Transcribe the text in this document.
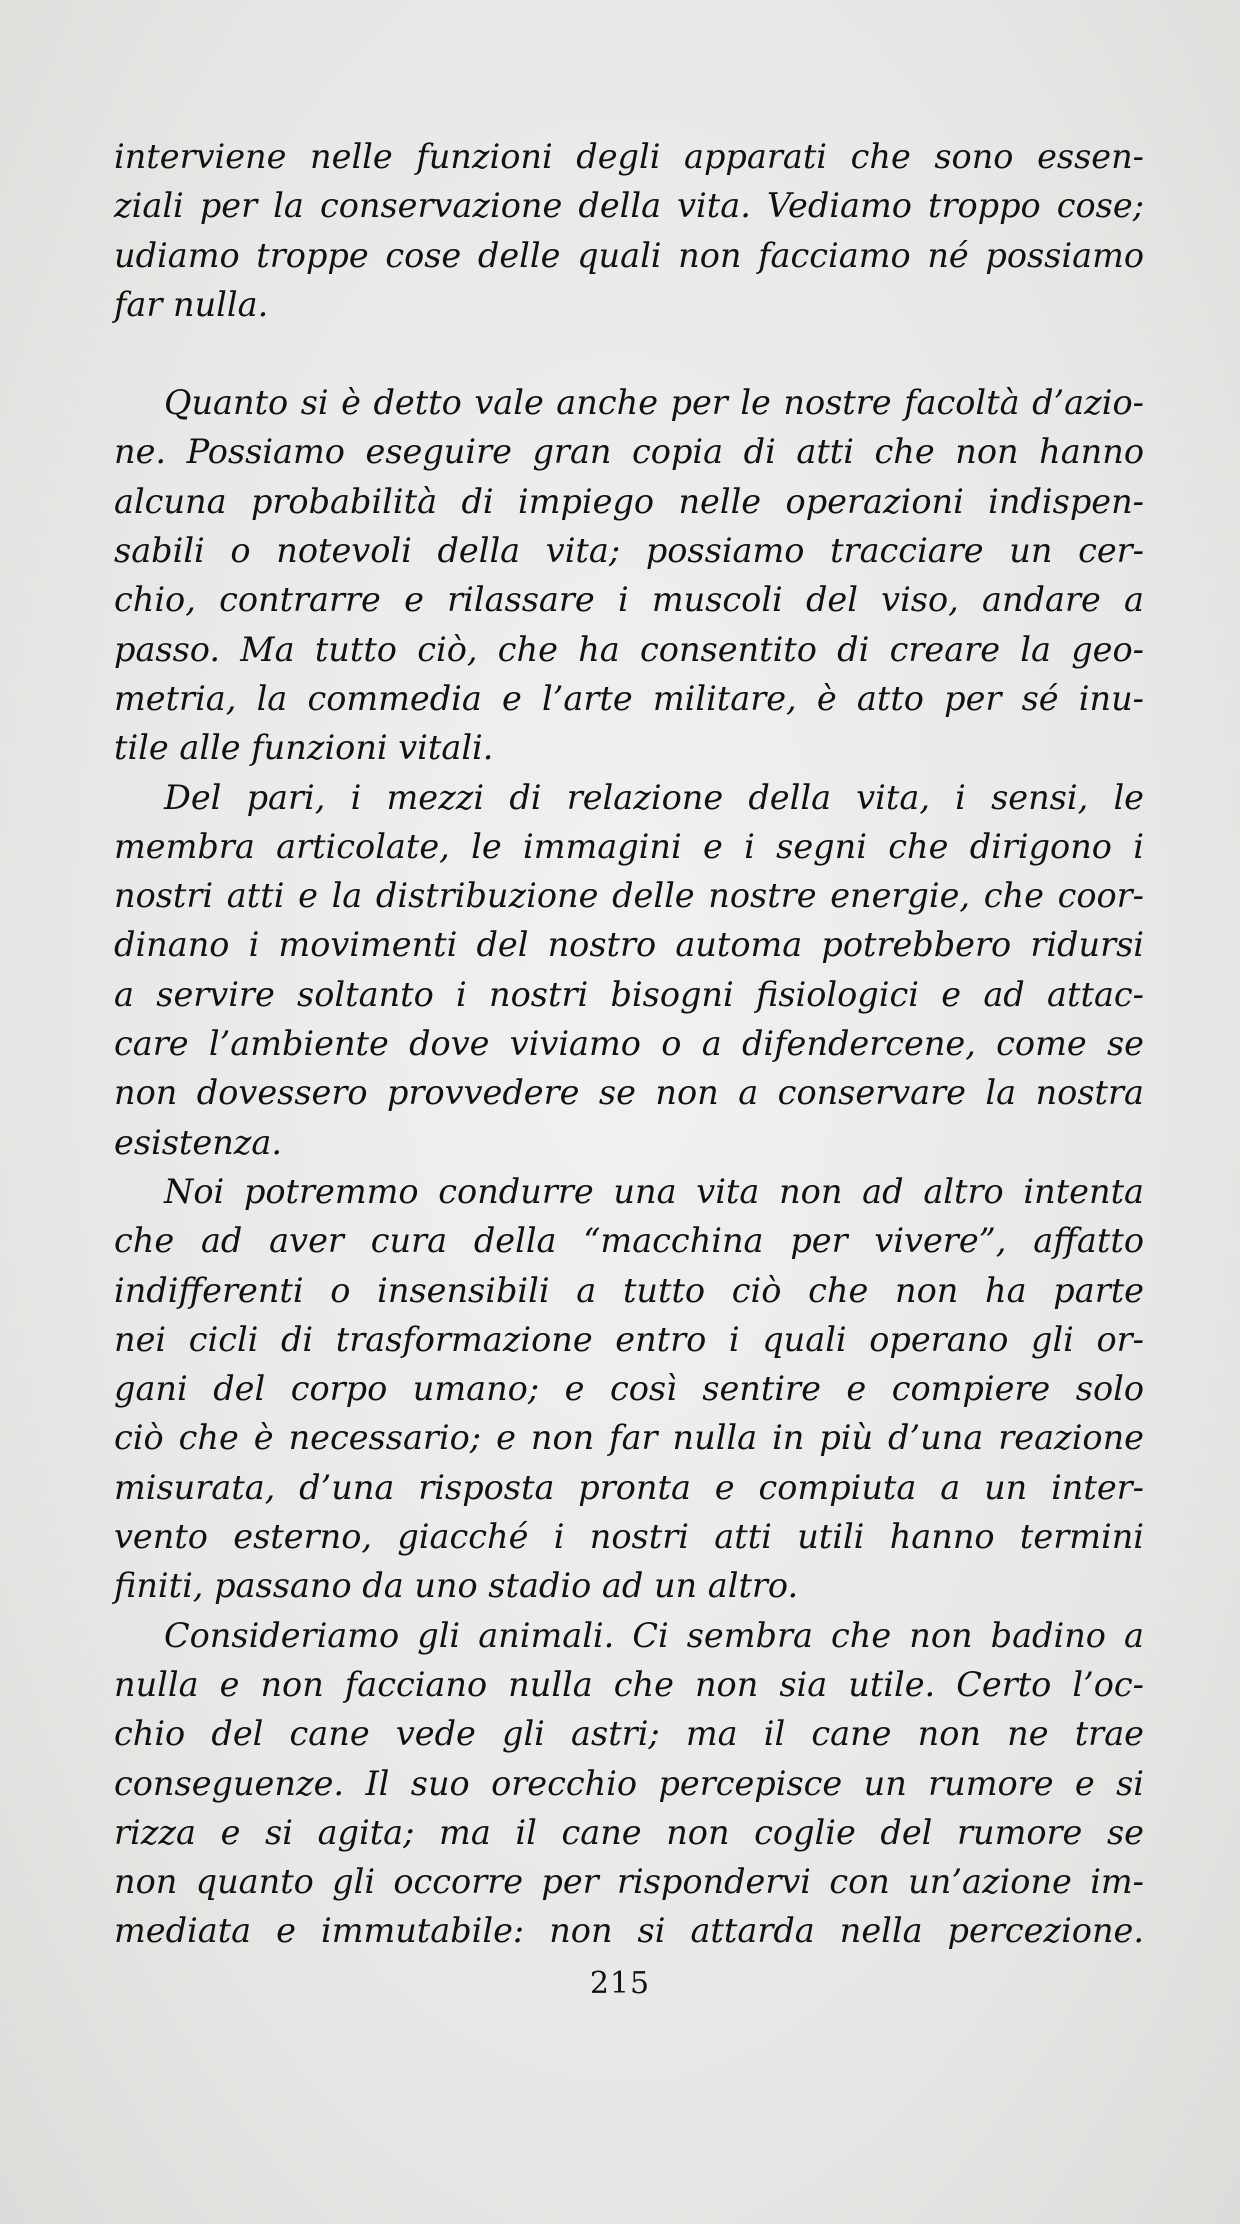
interviene nelle funzioni degli apparati che sono essen-
ziali per la conservazione della vita. Vediamo troppo cose;
udiamo troppe cose delle quali non facciamo né possiamo
far nulla.

Quanto si è detto vale anche per le nostre facoltà d’azio-
ne. Possiamo eseguire gran copia di atti che non hanno
alcuna probabilità di impiego nelle operazioni indispen-
sabili o notevoli della vita; possiamo tracciare un cer-
chio, contrarre e rilassare i muscoli del viso, andare a
passo. Ma tutto ciò, che ha consentito di creare la geo-
metria, la commedia e l’arte militare, è atto per sé inu-
tile alle funzioni vitali.

Del pari, i mezzi di relazione della vita, i sensi, le
membra articolate, le immagini e i segni che dirigono i
nostri atti e la distribuzione delle nostre energie, che coor-
dinano i movimenti del nostro automa potrebbero ridursi
a servire soltanto i nostri bisogni fisiologici e ad attac-
care l’ambiente dove viviamo o a difendercene, come se
non dovessero provvedere se non a conservare la nostra
esistenza.

Noi potremmo condurre una vita non ad altro intenta
che ad aver cura della “macchina per vivere”, affatto
indifferenti o insensibili a tutto ciò che non ha parte
nei cicli di trasformazione entro i quali operano gli or-
gani del corpo umano; e così sentire e compiere solo
ciò che è necessario; e non far nulla in più d’una reazione
misurata, d’una risposta pronta e compiuta a un inter-
vento esterno, giacché i nostri atti utili hanno termini
finiti, passano da uno stadio ad un altro.

Consideriamo gli animali. Ci sembra che non badino a
nulla e non facciano nulla che non sia utile. Certo l’oc-
chio del cane vede gli astri; ma il cane non ne trae
conseguenze. Il suo orecchio percepisce un rumore e si
rizza e si agita; ma il cane non coglie del rumore se
non quanto gli occorre per rispondervi con un’azione im-
mediata e immutabile: non si attarda nella percezione.

215
